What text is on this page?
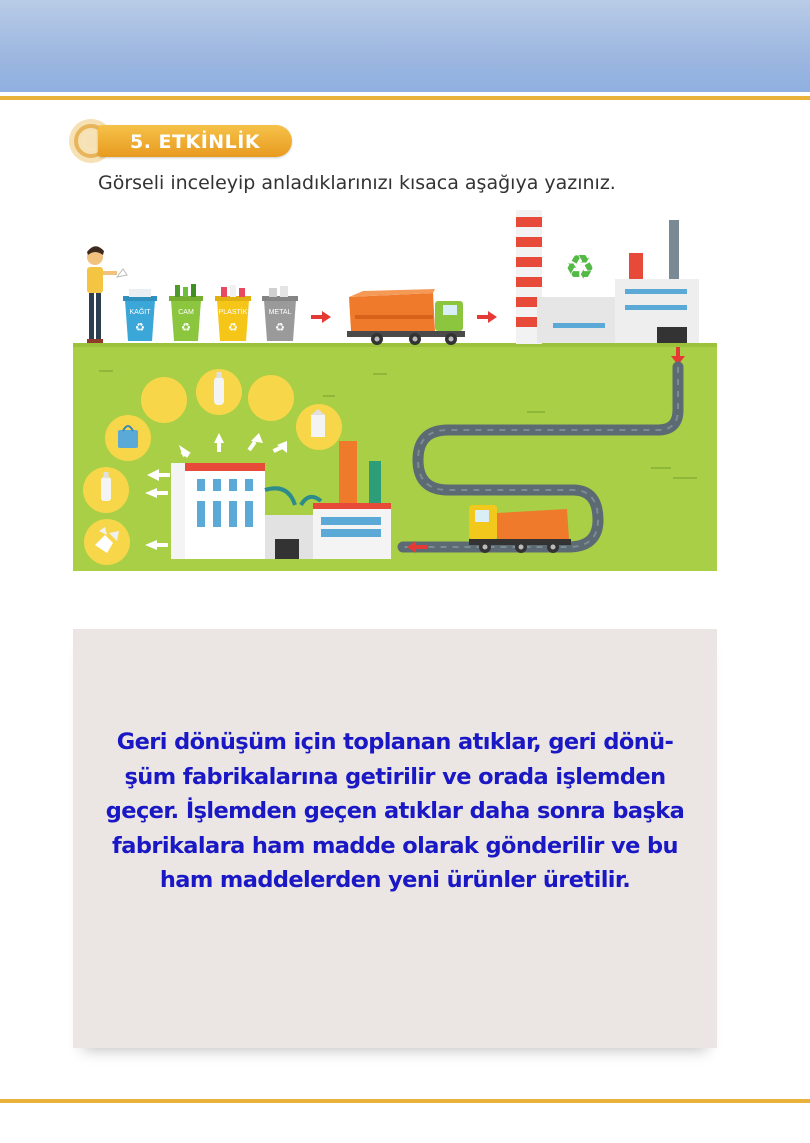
5. ETKİNLİK
Görseli inceleyip anladıklarınızı kısaca aşağıya yazınız.
KAĞIT
♻
CAM
♻
PLASTİK
♻
METAL
♻
♻
Geri dönüşüm için toplanan atıklar, geri dönü-
şüm fabrikalarına getirilir ve orada işlemden
geçer. İşlemden geçen atıklar daha sonra başka
fabrikalara ham madde olarak gönderilir ve bu
ham maddelerden yeni ürünler üretilir.
